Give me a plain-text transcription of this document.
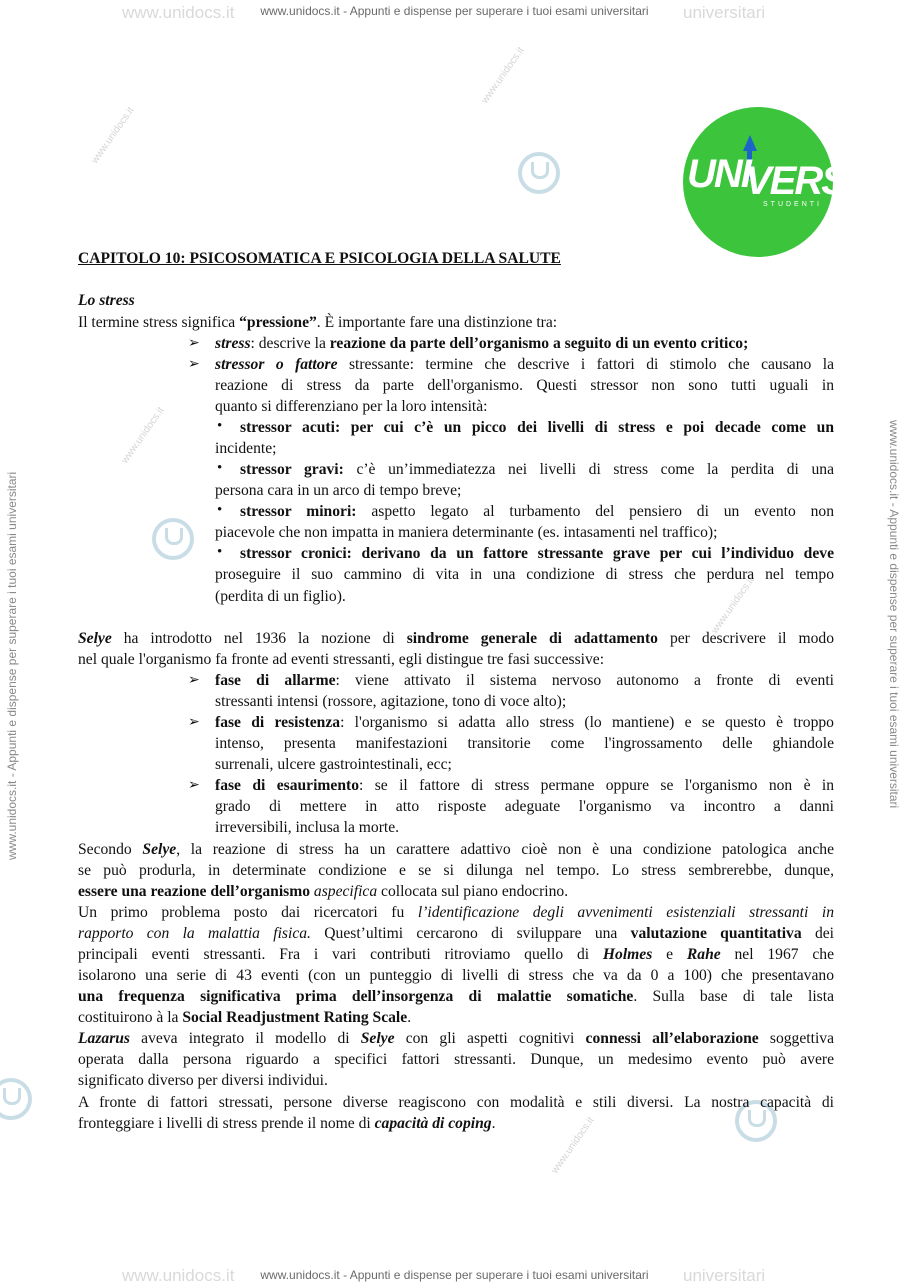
www.unidocs.it	universitari
www.unidocs.it - Appunti e dispense per superare i tuoi esami universitari
www.unidocs.it	universitari
www.unidocs.it - Appunti e dispense per superare i tuoi esami universitari
www.unidocs.it - Appunti e dispense per superare i tuoi esami universitari	www.unidocs.it - Appunti e dispense per superare i tuoi esami universitari
www.unidocs.it
www.unidocs.it
www.unidocs.it
www.unidocs.it
www.unidocs.it
UNI
VERSO
STUDENTI
CAPITOLO 10: PSICOSOMATICA E PSICOLOGIA DELLA SALUTE
Lo stress
Il termine stress significa “pressione”. È importante fare una distinzione tra:
➢ stress: descrive la reazione da parte dell’organismo a seguito di un evento critico;
➢ stressor o fattore stressante: termine che descrive i fattori di stimolo che causano la
reazione di stress da parte dell'organismo. Questi stressor non sono tutti uguali in
quanto si differenziano per la loro intensità:
• stressor acuti: per cui c’è un picco dei livelli di stress e poi decade come un
incidente;
• stressor gravi: c’è un’immediatezza nei livelli di stress come la perdita di una
persona cara in un arco di tempo breve;
• stressor minori: aspetto legato al turbamento del pensiero di un evento non
piacevole che non impatta in maniera determinante (es. intasamenti nel traffico);
• stressor cronici: derivano da un fattore stressante grave per cui l’individuo deve
proseguire il suo cammino di vita in una condizione di stress che perdura nel tempo
(perdita di un figlio).
Selye ha introdotto nel 1936 la nozione di sindrome generale di adattamento per descrivere il modo
nel quale l'organismo fa fronte ad eventi stressanti, egli distingue tre fasi successive:
➢ fase di allarme: viene attivato il sistema nervoso autonomo a fronte di eventi
stressanti intensi (rossore, agitazione, tono di voce alto);
➢ fase di resistenza: l'organismo si adatta allo stress (lo mantiene) e se questo è troppo
intenso, presenta manifestazioni transitorie come l'ingrossamento delle ghiandole
surrenali, ulcere gastrointestinali, ecc;
➢ fase di esaurimento: se il fattore di stress permane oppure se l'organismo non è in
grado di mettere in atto risposte adeguate l'organismo va incontro a danni
irreversibili, inclusa la morte.
Secondo Selye, la reazione di stress ha un carattere adattivo cioè non è una condizione patologica anche
se può produrla, in determinate condizione e se si dilunga nel tempo. Lo stress sembrerebbe, dunque,
essere una reazione dell’organismo aspecifica collocata sul piano endocrino.
Un primo problema posto dai ricercatori fu l’identificazione degli avvenimenti esistenziali stressanti in
rapporto con la malattia fisica. Quest’ultimi cercarono di sviluppare una valutazione quantitativa dei
principali eventi stressanti. Fra i vari contributi ritroviamo quello di Holmes e Rahe nel 1967 che
isolarono una serie di 43 eventi (con un punteggio di livelli di stress che va da 0 a 100) che presentavano
una frequenza significativa prima dell’insorgenza di malattie somatiche. Sulla base di tale lista
costituirono à la Social Readjustment Rating Scale.
Lazarus aveva integrato il modello di Selye con gli aspetti cognitivi connessi all’elaborazione soggettiva
operata dalla persona riguardo a specifici fattori stressanti. Dunque, un medesimo evento può avere
significato diverso per diversi individui.
A fronte di fattori stressati, persone diverse reagiscono con modalità e stili diversi. La nostra capacità di
fronteggiare i livelli di stress prende il nome di capacità di coping.
